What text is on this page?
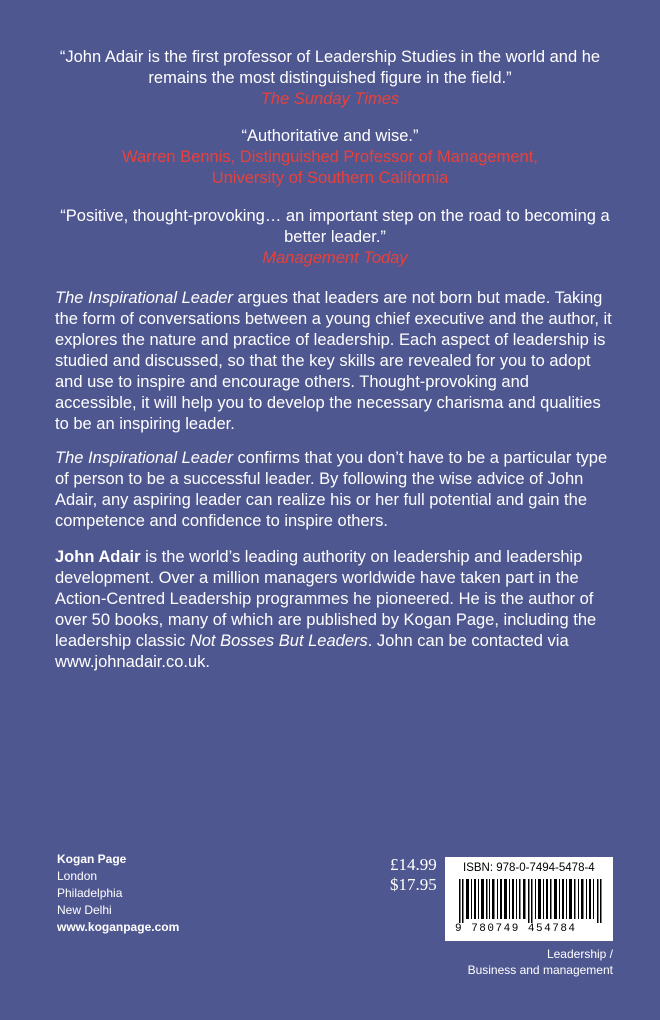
“John Adair is the first professor of Leadership Studies in the world and he remains the most distinguished figure in the field.”
The Sunday Times
“Authoritative and wise.”
Warren Bennis, Distinguished Professor of Management,
University of Southern California
“Positive, thought-provoking… an important step on the road to becoming a better leader.”
Management Today

The Inspirational Leader argues that leaders are not born but made. Taking the form of conversations between a young chief executive and the author, it explores the nature and practice of leadership. Each aspect of leadership is studied and discussed, so that the key skills are revealed for you to adopt and use to inspire and encourage others. Thought-provoking and accessible, it will help you to develop the necessary charisma and qualities to be an inspiring leader.

The Inspirational Leader confirms that you don’t have to be a particular type of person to be a successful leader. By following the wise advice of John Adair, any aspiring leader can realize his or her full potential and gain the competence and confidence to inspire others.

John Adair is the world’s leading authority on leadership and leadership development. Over a million managers worldwide have taken part in the Action-Centred Leadership programmes he pioneered. He is the author of over 50 books, many of which are published by Kogan Page, including the leadership classic Not Bosses But Leaders. John can be contacted via www.johnadair.co.uk.

Kogan Page
London
Philadelphia
New Delhi
www.koganpage.com
£14.99
$17.95
ISBN: 978-0-7494-5478-4
9 780749 454784
Leadership /
Business and management
